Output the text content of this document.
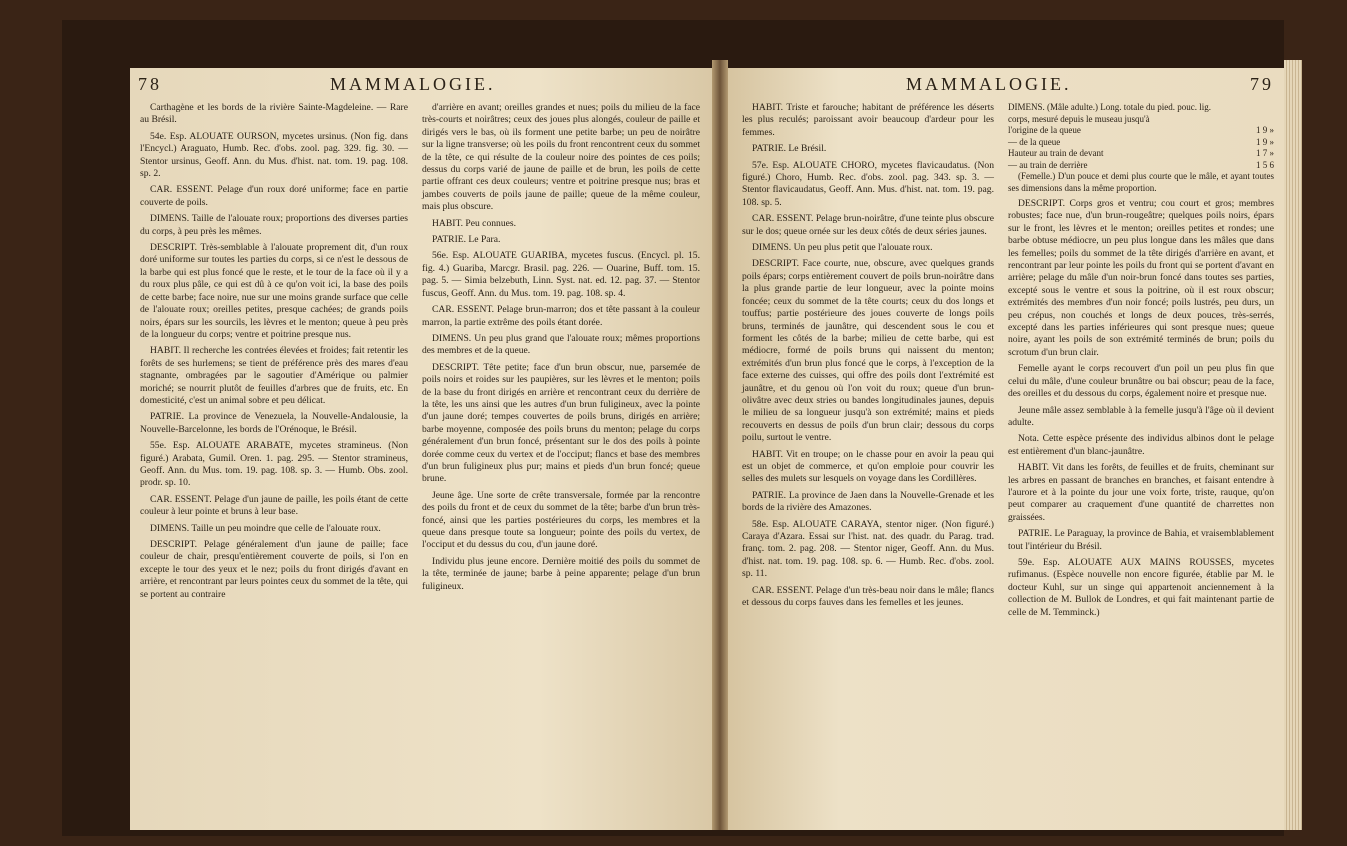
78	MAMMALOGIE.

Carthagène et les bords de la rivière Sainte-Magdeleine. — Rare au Brésil.

54e. Esp. ALOUATE OURSON, mycetes ursinus. (Non fig. dans l'Encycl.) Araguato, Humb. Rec. d'obs. zool. pag. 329. fig. 30. — Stentor ursinus, Geoff. Ann. du Mus. d'hist. nat. tom. 19. pag. 108. sp. 2.

CAR. ESSENT. Pelage d'un roux doré uniforme; face en partie couverte de poils.

DIMENS. Taille de l'alouate roux; proportions des diverses parties du corps, à peu près les mêmes.

DESCRIPT. Très-semblable à l'alouate proprement dit, d'un roux doré uniforme sur toutes les parties du corps, si ce n'est le dessous de la barbe qui est plus foncé que le reste, et le tour de la face où il y a du roux plus pâle, ce qui est dû à ce qu'on voit ici, la base des poils de cette barbe; face noire, nue sur une moins grande surface que celle de l'alouate roux; oreilles petites, presque cachées; de grands poils noirs, épars sur les sourcils, les lèvres et le menton; queue à peu près de la longueur du corps; ventre et poitrine presque nus.

HABIT. Il recherche les contrées élevées et froides; fait retentir les forêts de ses hurlemens; se tient de préférence près des mares d'eau stagnante, ombragées par le sagoutier d'Amérique ou palmier moriché; se nourrit plutôt de feuilles d'arbres que de fruits, etc. En domesticité, c'est un animal sobre et peu délicat.

PATRIE. La province de Venezuela, la Nouvelle-Andalousie, la Nouvelle-Barcelonne, les bords de l'Orénoque, le Brésil.

55e. Esp. ALOUATE ARABATE, mycetes stramineus. (Non figuré.) Arabata, Gumil. Oren. 1. pag. 295. — Stentor stramineus, Geoff. Ann. du Mus. tom. 19. pag. 108. sp. 3. — Humb. Obs. zool. prodr. sp. 10.

CAR. ESSENT. Pelage d'un jaune de paille, les poils étant de cette couleur à leur pointe et bruns à leur base.

DIMENS. Taille un peu moindre que celle de l'alouate roux.

DESCRIPT. Pelage généralement d'un jaune de paille; face couleur de chair, presqu'entièrement couverte de poils, si l'on en excepte le tour des yeux et le nez; poils du front dirigés d'avant en arrière, et rencontrant par leurs pointes ceux du sommet de la tête, qui se portent au contraire

d'arrière en avant; oreilles grandes et nues; poils du milieu de la face très-courts et noirâtres; ceux des joues plus alongés, couleur de paille et dirigés vers le bas, où ils forment une petite barbe; un peu de noirâtre sur la ligne transverse; où les poils du front rencontrent ceux du sommet de la tête, ce qui résulte de la couleur noire des pointes de ces poils; dessus du corps varié de jaune de paille et de brun, les poils de cette partie offrant ces deux couleurs; ventre et poitrine presque nus; bras et jambes couverts de poils jaune de paille; queue de la même couleur, mais plus obscure.

HABIT. Peu connues.

PATRIE. Le Para.

56e. Esp. ALOUATE GUARIBA, mycetes fuscus. (Encycl. pl. 15. fig. 4.) Guariba, Marcgr. Brasil. pag. 226. — Ouarine, Buff. tom. 15. pag. 5. — Simia belzebuth, Linn. Syst. nat. ed. 12. pag. 37. — Stentor fuscus, Geoff. Ann. du Mus. tom. 19. pag. 108. sp. 4.

CAR. ESSENT. Pelage brun-marron; dos et tête passant à la couleur marron, la partie extrême des poils étant dorée.

DIMENS. Un peu plus grand que l'alouate roux; mêmes proportions des membres et de la queue.

DESCRIPT. Tête petite; face d'un brun obscur, nue, parsemée de poils noirs et roides sur les paupières, sur les lèvres et le menton; poils de la base du front dirigés en arrière et rencontrant ceux du derrière de la tête, les uns ainsi que les autres d'un brun fuligineux, avec la pointe d'un jaune doré; tempes couvertes de poils bruns, dirigés en arrière; barbe moyenne, composée des poils bruns du menton; pelage du corps généralement d'un brun foncé, présentant sur le dos des poils à pointe dorée comme ceux du vertex et de l'occiput; flancs et base des membres d'un brun fuligineux plus pur; mains et pieds d'un brun foncé; queue brune.

Jeune âge. Une sorte de crête transversale, formée par la rencontre des poils du front et de ceux du sommet de la tête; barbe d'un brun très-foncé, ainsi que les parties postérieures du corps, les membres et la queue dans presque toute sa longueur; pointe des poils du vertex, de l'occiput et du dessus du cou, d'un jaune doré.

Individu plus jeune encore. Dernière moitié des poils du sommet de la tête, terminée de jaune; barbe à peine apparente; pelage d'un brun fuligineux.

MAMMALOGIE.	79

HABIT. Triste et farouche; habitant de préférence les déserts les plus reculés; paroissant avoir beaucoup d'ardeur pour les femmes.

PATRIE. Le Brésil.

57e. Esp. ALOUATE CHORO, mycetes flavicaudatus. (Non figuré.) Choro, Humb. Rec. d'obs. zool. pag. 343. sp. 3. — Stentor flavicaudatus, Geoff. Ann. Mus. d'hist. nat. tom. 19. pag. 108. sp. 5.

CAR. ESSENT. Pelage brun-noirâtre, d'une teinte plus obscure sur le dos; queue ornée sur les deux côtés de deux séries jaunes.

DIMENS. Un peu plus petit que l'alouate roux.

DESCRIPT. Face courte, nue, obscure, avec quelques grands poils épars; corps entièrement couvert de poils brun-noirâtre dans la plus grande partie de leur longueur, avec la pointe moins foncée; ceux du sommet de la tête courts; ceux du dos longs et touffus; partie postérieure des joues couverte de longs poils bruns, terminés de jaunâtre, qui descendent sous le cou et forment les côtés de la barbe; milieu de cette barbe, qui est médiocre, formé de poils bruns qui naissent du menton; extrémités d'un brun plus foncé que le corps, à l'exception de la face externe des cuisses, qui offre des poils dont l'extrémité est jaunâtre, et du genou où l'on voit du roux; queue d'un brun-olivâtre avec deux stries ou bandes longitudinales jaunes, depuis le milieu de sa longueur jusqu'à son extrémité; mains et pieds recouverts en dessus de poils d'un brun clair; dessous du corps poilu, surtout le ventre.

HABIT. Vit en troupe; on le chasse pour en avoir la peau qui est un objet de commerce, et qu'on emploie pour couvrir les selles des mulets sur lesquels on voyage dans les Cordillères.

PATRIE. La province de Jaen dans la Nouvelle-Grenade et les bords de la rivière des Amazones.

58e. Esp. ALOUATE CARAYA, stentor niger. (Non figuré.) Caraya d'Azara. Essai sur l'hist. nat. des quadr. du Parag. trad. franç. tom. 2. pag. 208. — Stentor niger, Geoff. Ann. du Mus. d'hist. nat. tom. 19. pag. 108. sp. 6. — Humb. Rec. d'obs. zool. sp. 11.

CAR. ESSENT. Pelage d'un très-beau noir dans le mâle; flancs et dessous du corps fauves dans les femelles et les jeunes.

DIMENS. (Mâle adulte.) Long. totale du pied. pouc. lig.
corps, mesuré depuis le museau jusqu'à
l'origine de la queue	1 9 »
— de la queue	1 9 »
Hauteur au train de devant	1 7 »
— au train de derrière	1 5 6

(Femelle.) D'un pouce et demi plus courte que le mâle, et ayant toutes ses dimensions dans la même proportion.

DESCRIPT. Corps gros et ventru; cou court et gros; membres robustes; face nue, d'un brun-rougeâtre; quelques poils noirs, épars sur le front, les lèvres et le menton; oreilles petites et rondes; une barbe obtuse médiocre, un peu plus longue dans les mâles que dans les femelles; poils du sommet de la tête dirigés d'arrière en avant, et rencontrant par leur pointe les poils du front qui se portent d'avant en arrière; pelage du mâle d'un noir-brun foncé dans toutes ses parties, excepté sous le ventre et sous la poitrine, où il est roux obscur; extrémités des membres d'un noir foncé; poils lustrés, peu durs, un peu crépus, non couchés et longs de deux pouces, très-serrés, excepté dans les parties inférieures qui sont presque nues; queue noire, ayant les poils de son extrémité terminés de brun; poils du scrotum d'un brun clair.

Femelle ayant le corps recouvert d'un poil un peu plus fin que celui du mâle, d'une couleur brunâtre ou bai obscur; peau de la face, des oreilles et du dessous du corps, également noire et presque nue.

Jeune mâle assez semblable à la femelle jusqu'à l'âge où il devient adulte.

Nota. Cette espèce présente des individus albinos dont le pelage est entièrement d'un blanc-jaunâtre.

HABIT. Vit dans les forêts, de feuilles et de fruits, cheminant sur les arbres en passant de branches en branches, et faisant entendre à l'aurore et à la pointe du jour une voix forte, triste, rauque, qu'on peut comparer au craquement d'une quantité de charrettes non graissées.

PATRIE. Le Paraguay, la province de Bahia, et vraisemblablement tout l'intérieur du Brésil.

59e. Esp. ALOUATE AUX MAINS ROUSSES, mycetes rufimanus. (Espèce nouvelle non encore figurée, établie par M. le docteur Kuhl, sur un singe qui appartenoit anciennement à la collection de M. Bullok de Londres, et qui fait maintenant partie de celle de M. Temminck.)
